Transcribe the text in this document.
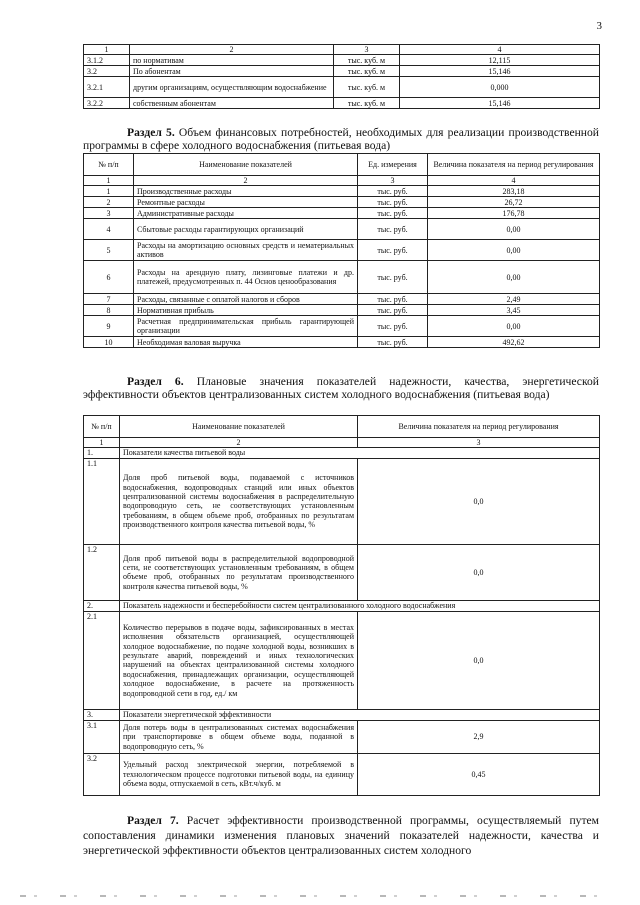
3
1	2	3	4
3.1.2	по нормативам	тыс. куб. м	12,115
3.2	По абонентам	тыс. куб. м	15,146
3.2.1	другим организациям, осуществляющим водоснабжение	тыс. куб. м	0,000
3.2.2	собственным абонентам	тыс. куб. м	15,146
Раздел 5. Объем финансовых потребностей, необходимых для реализации производственной программы в сфере холодного водоснабжения (питьевая вода)
№ п/п	Наименование показателей	Ед. измерения	Величина показателя на период регулирования
1	2	3	4
1	Производственные расходы	тыс. руб.	283,18
2	Ремонтные расходы	тыс. руб.	26,72
3	Административные расходы	тыс. руб.	176,78
4	Сбытовые расходы гарантирующих организаций	тыс. руб.	0,00
5	Расходы на амортизацию основных средств и нематериальных активов	тыс. руб.	0,00
6	Расходы на арендную плату, лизинговые платежи и др. платежей, предусмотренных п. 44 Основ ценообразования	тыс. руб.	0,00
7	Расходы, связанные с оплатой налогов и сборов	тыс. руб.	2,49
8	Нормативная прибыль	тыс. руб.	3,45
9	Расчетная предпринимательская прибыль гарантирующей организации	тыс. руб.	0,00
10	Необходимая валовая выручка	тыс. руб.	492,62
Раздел 6. Плановые значения показателей надежности, качества, энергетической эффективности объектов централизованных систем холодного водоснабжения (питьевая вода)
№ п/п	Наименование показателей	Величина показателя на период регулирования
1	2	3
1.	Показатели качества питьевой воды	
1.1	Доля проб питьевой воды, подаваемой с источников водоснабжения, водопроводных станций или иных объектов централизованной системы водоснабжения в распределительную водопроводную сеть, не соответствующих установленным требованиям, в общем объеме проб, отобранных по результатам производственного контроля качества питьевой воды, %	0,0
1.2	Доля проб питьевой воды в распределительной водопроводной сети, не соответствующих установленным требованиям, в общем объеме проб, отобранных по результатам производственного контроля качества питьевой воды, %	0,0
2.	Показатель надежности и бесперебойности систем централизованного холодного водоснабжения	
2.1	Количество перерывов в подаче воды, зафиксированных в местах исполнения обязательств организацией, осуществляющей холодное водоснабжение, по подаче холодной воды, возникших в результате аварий, повреждений и иных технологических нарушений на объектах централизованной системы холодного водоснабжения, принадлежащих организации, осуществляющей холодное водоснабжение, в расчете на протяженность водопроводной сети в год, ед./ км	0,0
3.	Показатели энергетической эффективности	
3.1	Доля потерь воды в централизованных системах водоснабжения при транспортировке в общем объеме воды, поданной в водопроводную сеть, %	2,9
3.2	Удельный расход электрической энергии, потребляемой в технологическом процессе подготовки питьевой воды, на единицу объема воды, отпускаемой в сеть, кВт.ч/куб. м	0,45
Раздел 7. Расчет эффективности производственной программы, осуществляемый путем сопоставления динамики изменения плановых значений показателей надежности, качества и энергетической эффективности объектов централизованных систем холодного
